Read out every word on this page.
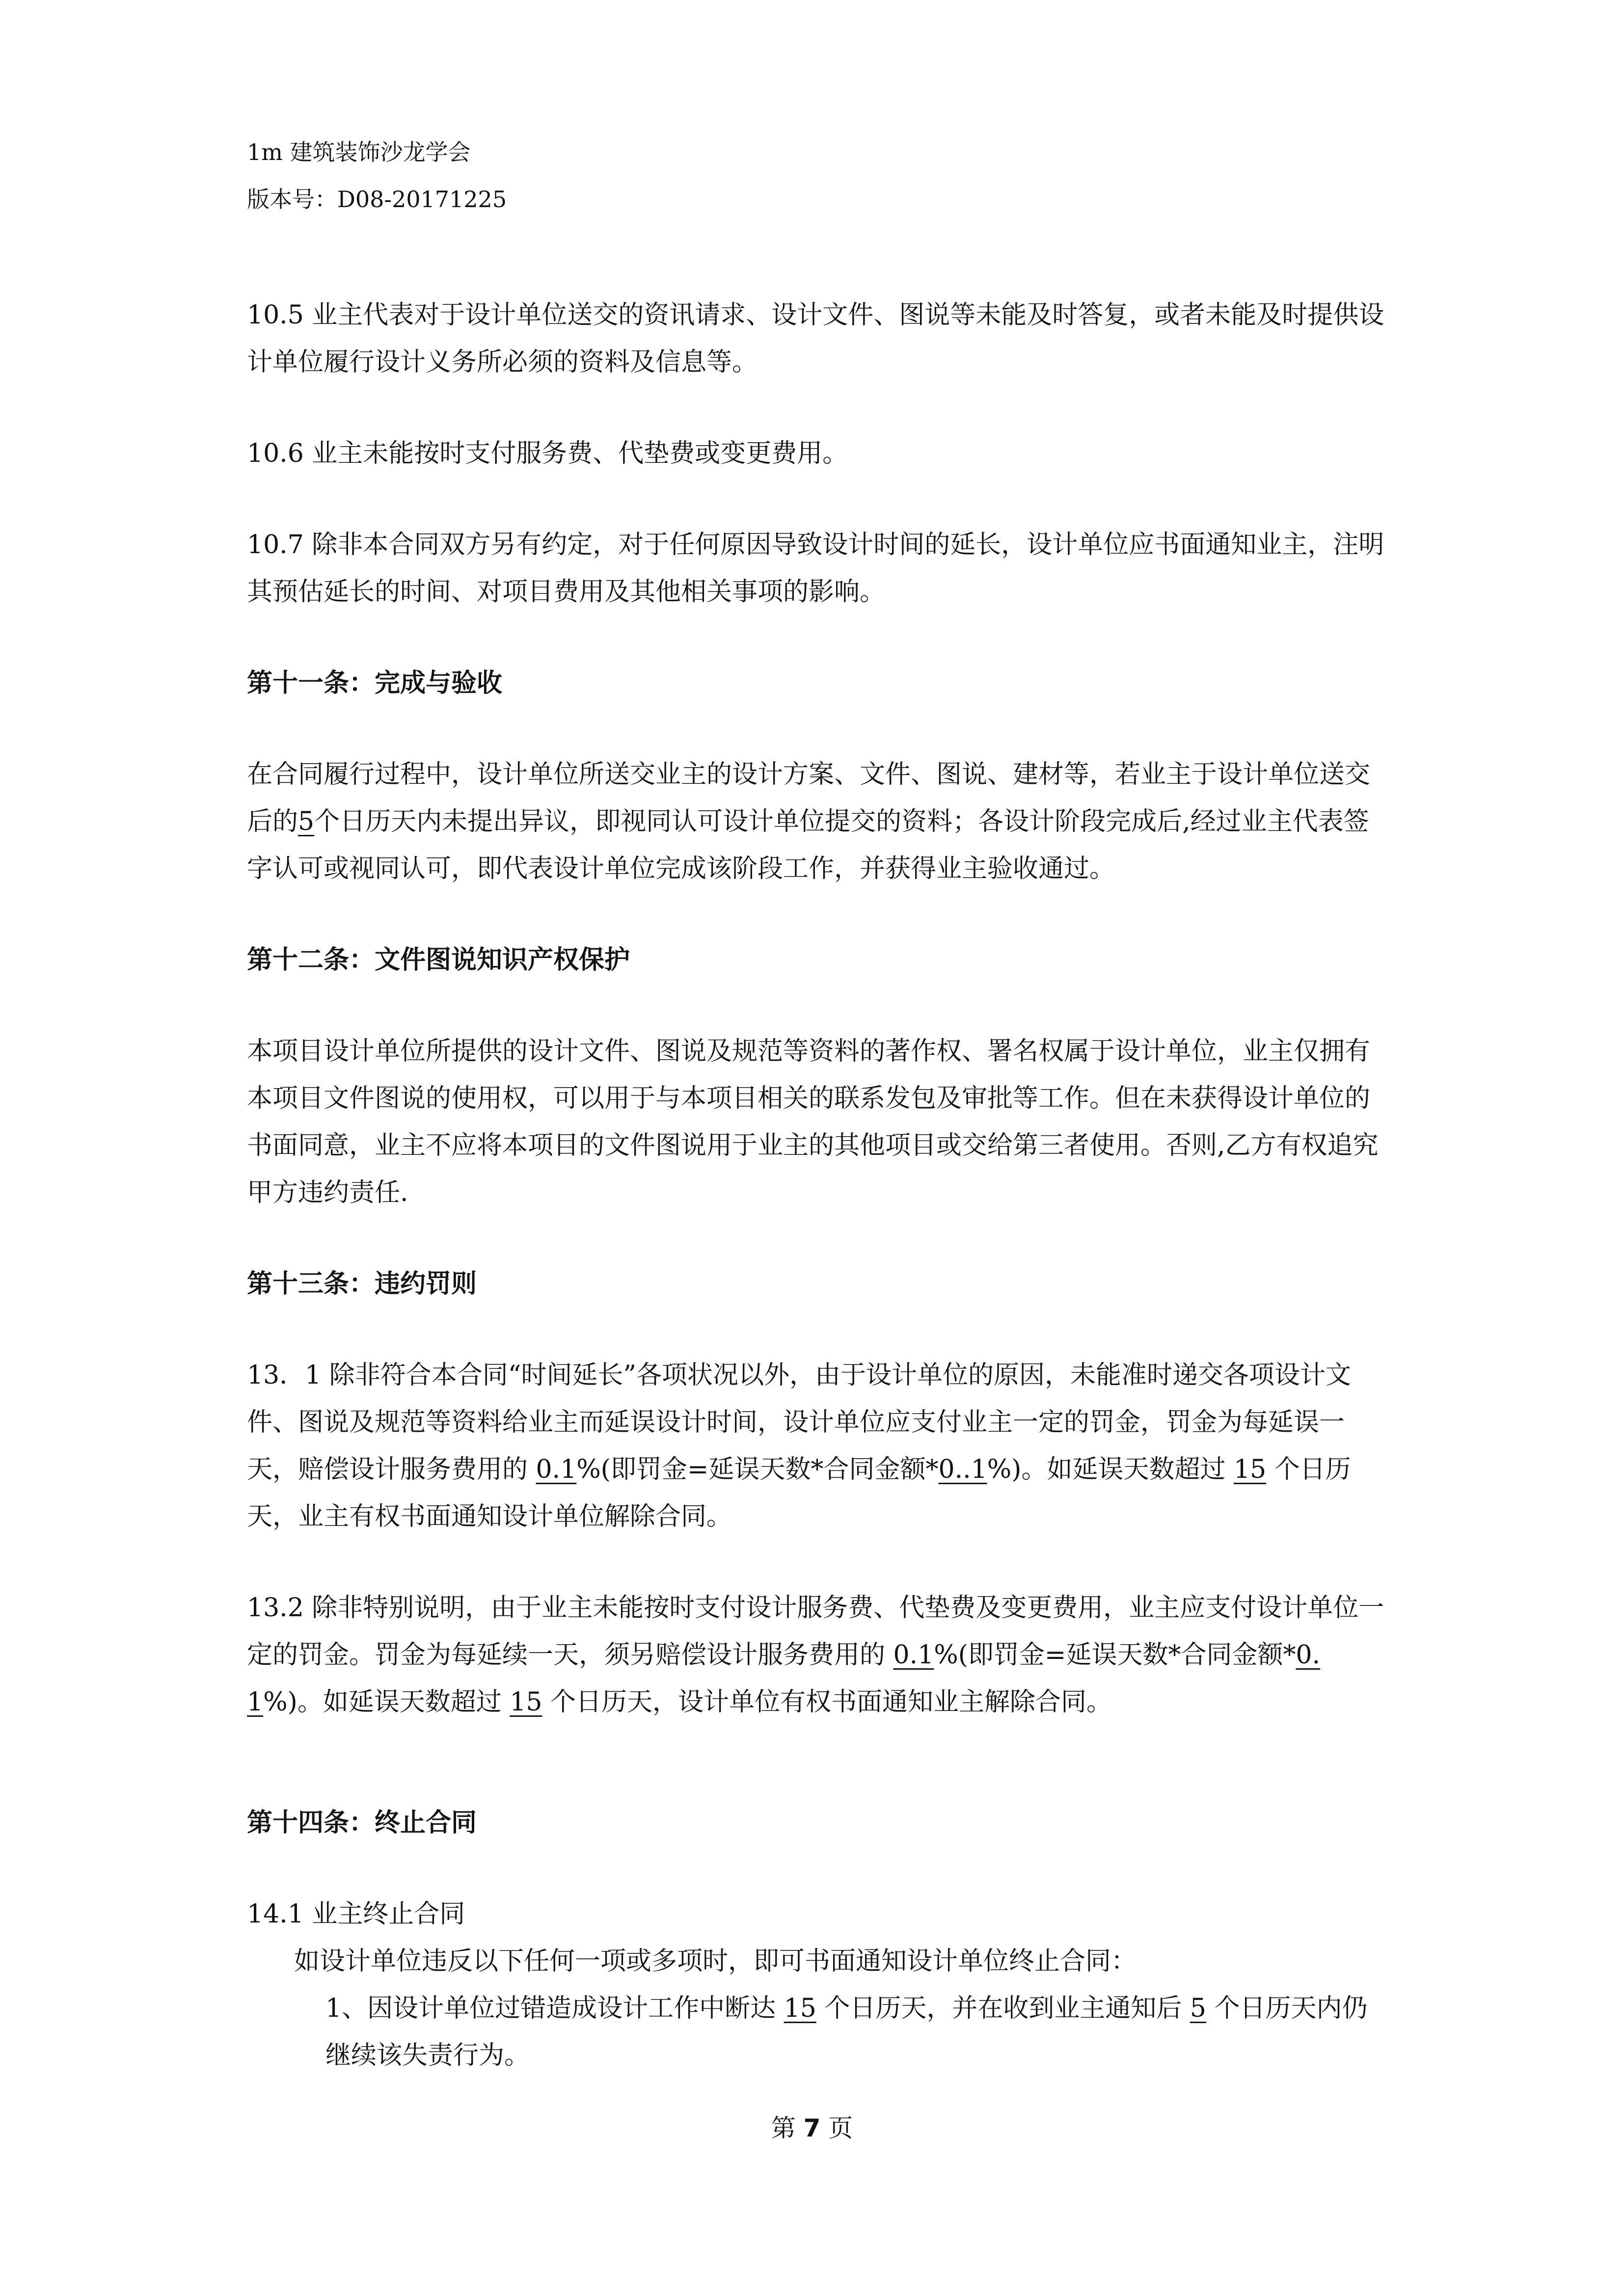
1m 建筑装饰沙龙学会
版本号：D08-20171225

10.5 业主代表对于设计单位送交的资讯请求、设计文件、图说等未能及时答复，或者未能及时提供设计单位履行设计义务所必须的资料及信息等。

10.6 业主未能按时支付服务费、代垫费或变更费用。

10.7 除非本合同双方另有约定，对于任何原因导致设计时间的延长，设计单位应书面通知业主，注明其预估延长的时间、对项目费用及其他相关事项的影响。

第十一条：完成与验收

在合同履行过程中，设计单位所送交业主的设计方案、文件、图说、建材等，若业主于设计单位送交后的5个日历天内未提出异议，即视同认可设计单位提交的资料；各设计阶段完成后,经过业主代表签字认可或视同认可，即代表设计单位完成该阶段工作，并获得业主验收通过。

第十二条：文件图说知识产权保护

本项目设计单位所提供的设计文件、图说及规范等资料的著作权、署名权属于设计单位，业主仅拥有本项目文件图说的使用权，可以用于与本项目相关的联系发包及审批等工作。但在未获得设计单位的书面同意，业主不应将本项目的文件图说用于业主的其他项目或交给第三者使用。否则,乙方有权追究甲方违约责任.

第十三条：违约罚则

13．1 除非符合本合同“时间延长”各项状况以外，由于设计单位的原因，未能准时递交各项设计文件、图说及规范等资料给业主而延误设计时间，设计单位应支付业主一定的罚金，罚金为每延误一天，赔偿设计服务费用的 0.1%(即罚金=延误天数*合同金额*0..1%)。如延误天数超过 15 个日历天，业主有权书面通知设计单位解除合同。

13.2 除非特别说明，由于业主未能按时支付设计服务费、代垫费及变更费用，业主应支付设计单位一定的罚金。罚金为每延续一天，须另赔偿设计服务费用的 0.1%(即罚金=延误天数*合同金额*0.1%)。如延误天数超过 15 个日历天，设计单位有权书面通知业主解除合同。

第十四条：终止合同

14.1 业主终止合同

如设计单位违反以下任何一项或多项时，即可书面通知设计单位终止合同：

1、因设计单位过错造成设计工作中断达 15 个日历天，并在收到业主通知后 5 个日历天内仍继续该失责行为。

第 7 页
